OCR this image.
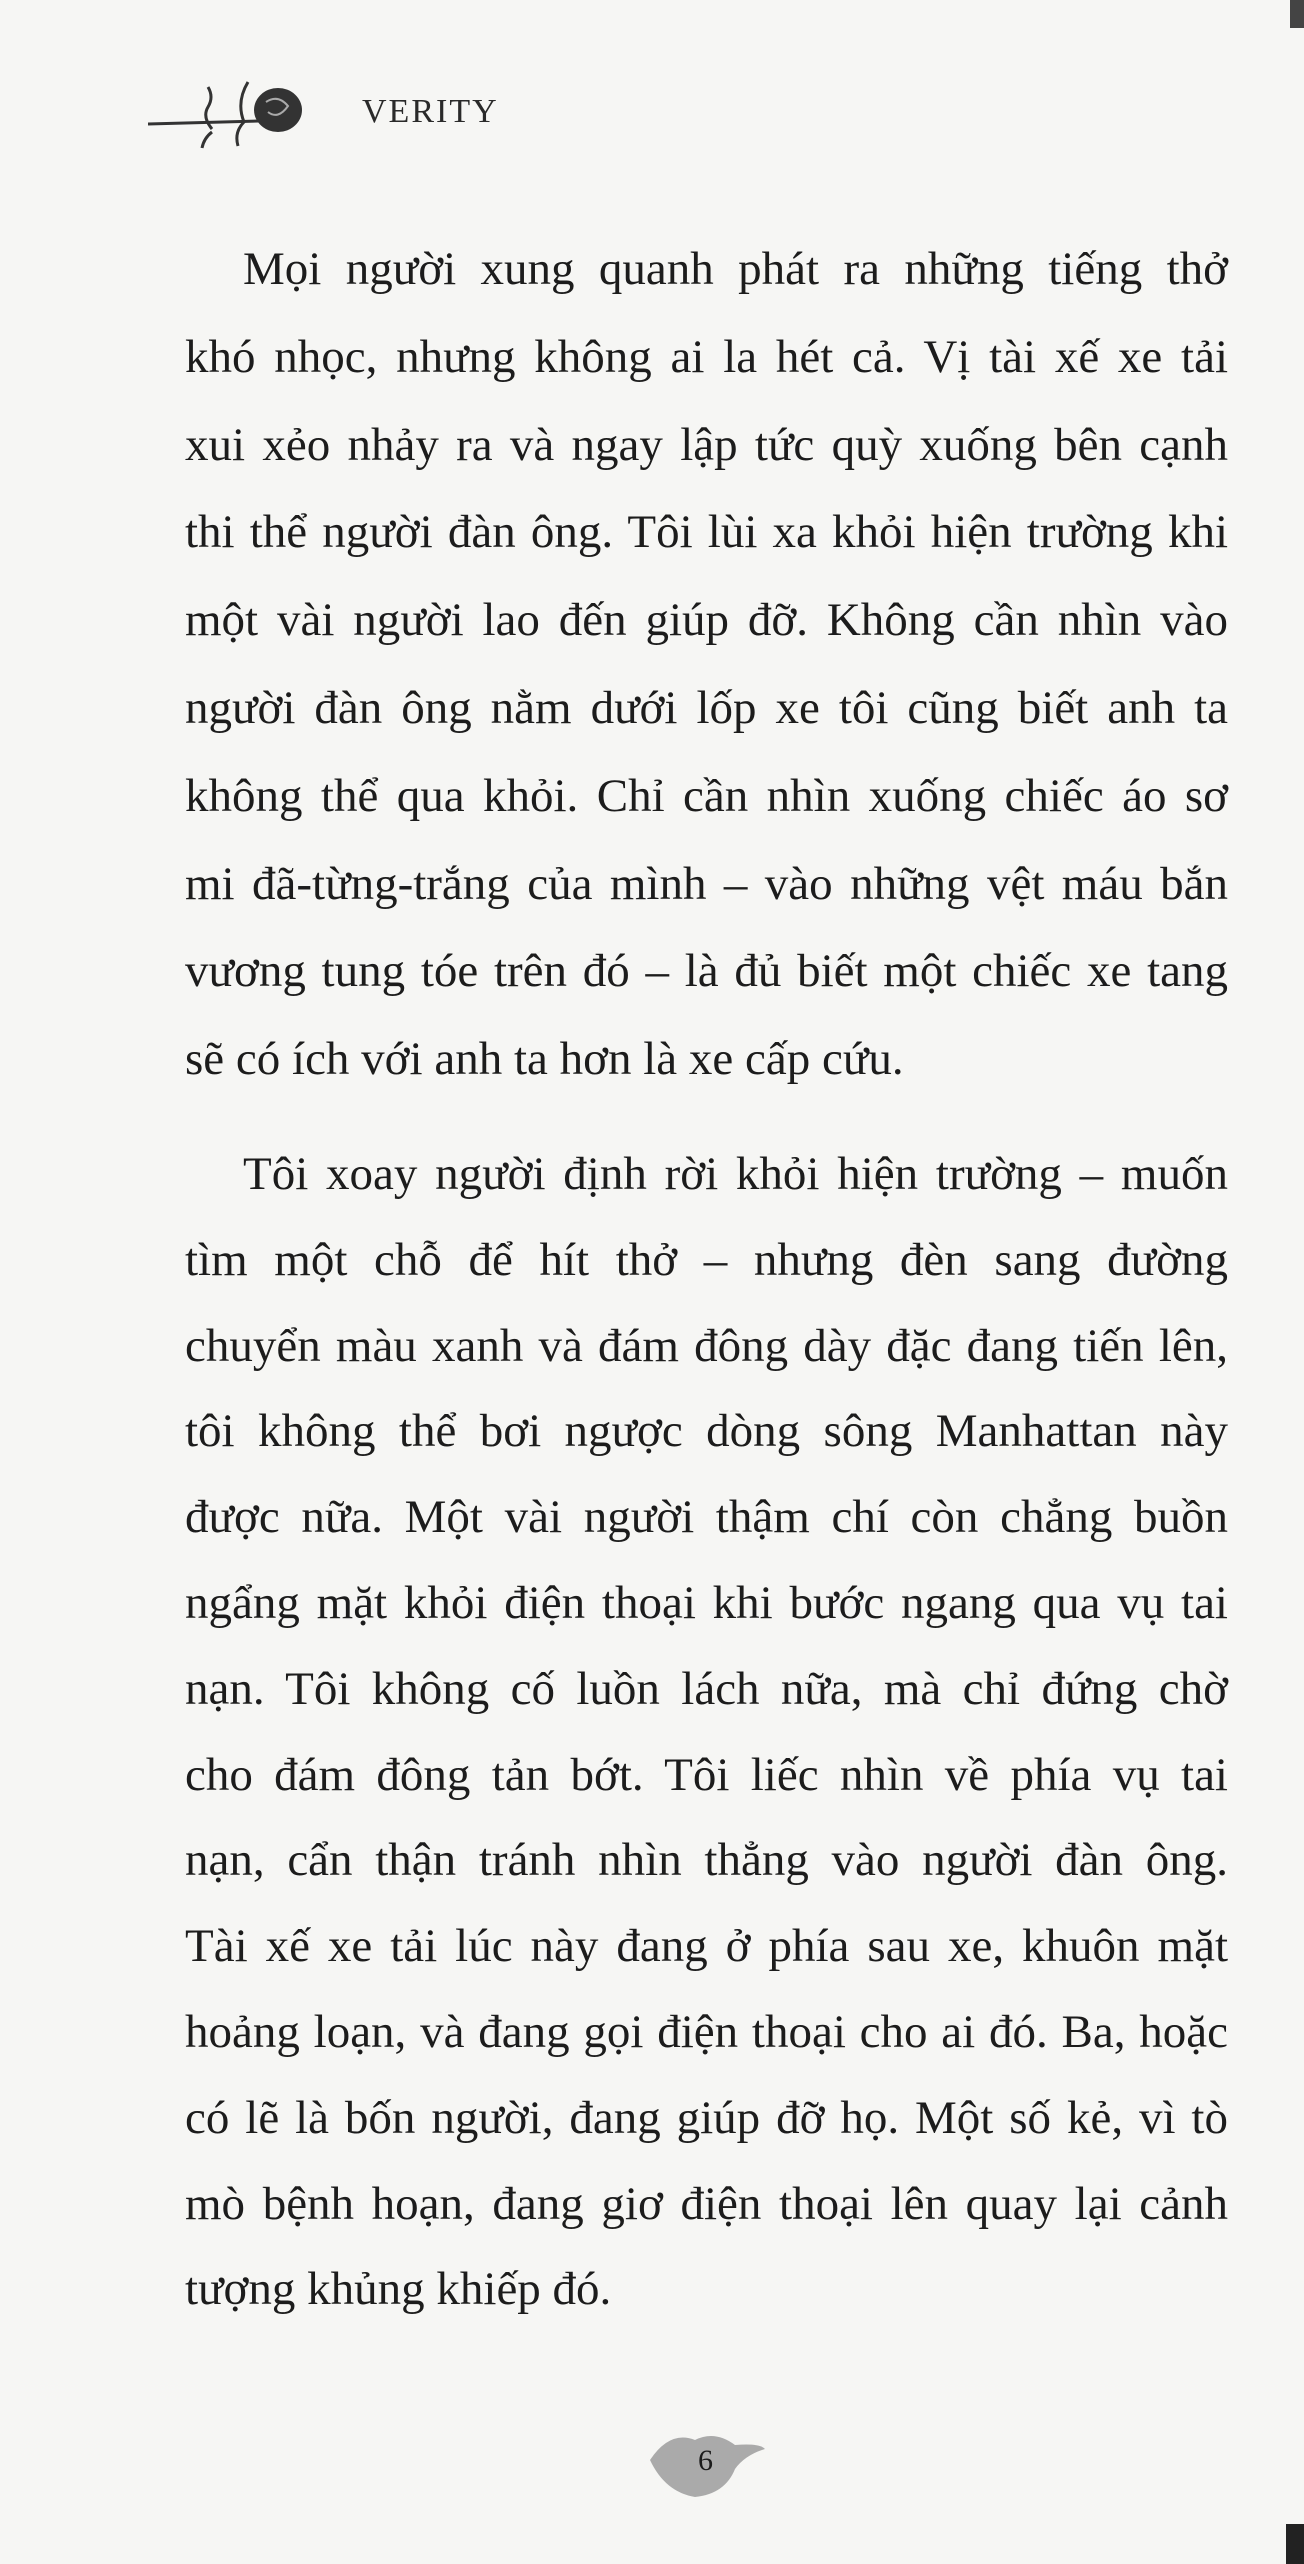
VERITY
Mọi người xung quanh phát ra những tiếng thở
khó nhọc, nhưng không ai la hét cả. Vị tài xế xe tải
xui xẻo nhảy ra và ngay lập tức quỳ xuống bên cạnh
thi thể người đàn ông. Tôi lùi xa khỏi hiện trường khi
một vài người lao đến giúp đỡ. Không cần nhìn vào
người đàn ông nằm dưới lốp xe tôi cũng biết anh ta
không thể qua khỏi. Chỉ cần nhìn xuống chiếc áo sơ
mi đã-từng-trắng của mình – vào những vệt máu bắn
vương tung tóe trên đó – là đủ biết một chiếc xe tang
sẽ có ích với anh ta hơn là xe cấp cứu.
Tôi xoay người định rời khỏi hiện trường – muốn
tìm một chỗ để hít thở – nhưng đèn sang đường
chuyển màu xanh và đám đông dày đặc đang tiến lên,
tôi không thể bơi ngược dòng sông Manhattan này
được nữa. Một vài người thậm chí còn chẳng buồn
ngẩng mặt khỏi điện thoại khi bước ngang qua vụ tai
nạn. Tôi không cố luồn lách nữa, mà chỉ đứng chờ
cho đám đông tản bớt. Tôi liếc nhìn về phía vụ tai
nạn, cẩn thận tránh nhìn thẳng vào người đàn ông.
Tài xế xe tải lúc này đang ở phía sau xe, khuôn mặt
hoảng loạn, và đang gọi điện thoại cho ai đó. Ba, hoặc
có lẽ là bốn người, đang giúp đỡ họ. Một số kẻ, vì tò
mò bệnh hoạn, đang giơ điện thoại lên quay lại cảnh
tượng khủng khiếp đó.
6
